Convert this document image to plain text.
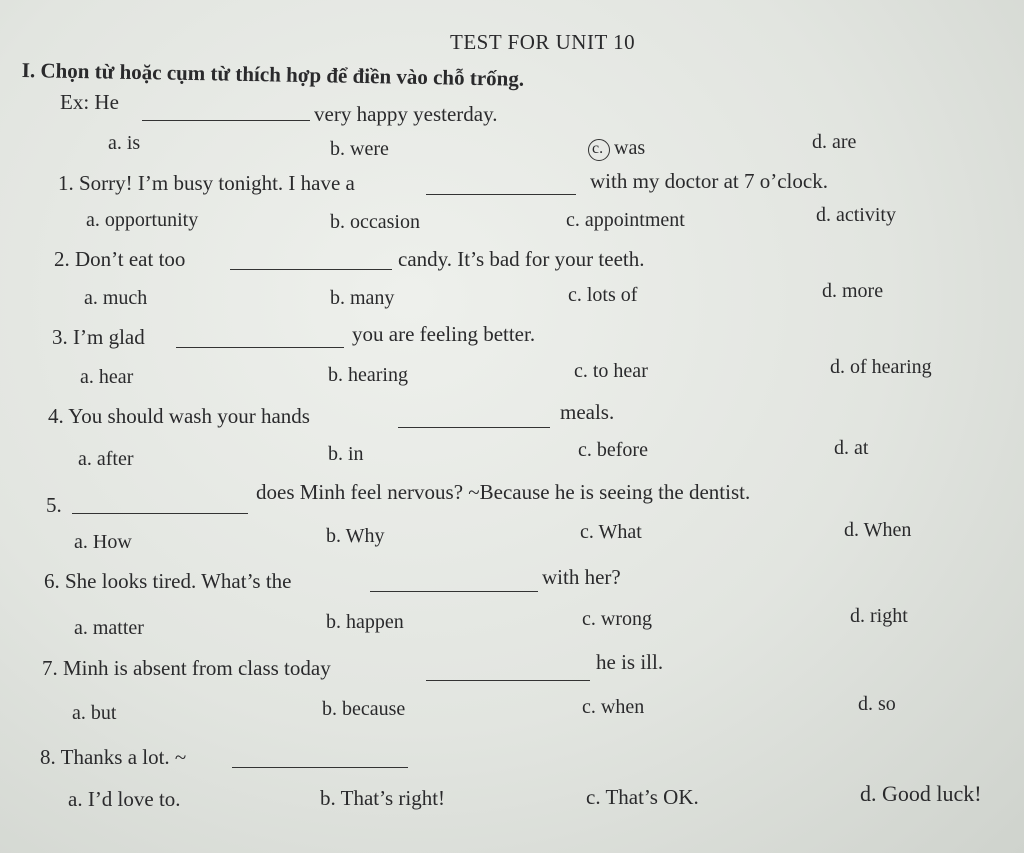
TEST FOR UNIT 10
I. Chọn từ hoặc cụm từ thích hợp để điền vào chỗ trống.
Ex: He	very happy yesterday.
a. is	b. were	c. was	d. are
1. Sorry! I’m busy tonight. I have a	with my doctor at 7 o’clock.
a. opportunity	b. occasion	c. appointment	d. activity
2. Don’t eat too	candy. It’s bad for your teeth.
a. much	b. many	c. lots of	d. more
3. I’m glad	you are feeling better.
a. hear	b. hearing	c. to hear	d. of hearing
4. You should wash your hands	meals.
a. after	b. in	c. before	d. at
5.
does Minh feel nervous? ~Because he is seeing the dentist.
a. How	b. Why	c. What	d. When
6. She looks tired. What’s the	with her?
a. matter	b. happen	c. wrong	d. right
7. Minh is absent from class today	he is ill.
a. but	b. because	c. when	d. so
8. Thanks a lot. ~
a. I’d love to.	b. That’s right!	c. That’s OK.	d. Good luck!
